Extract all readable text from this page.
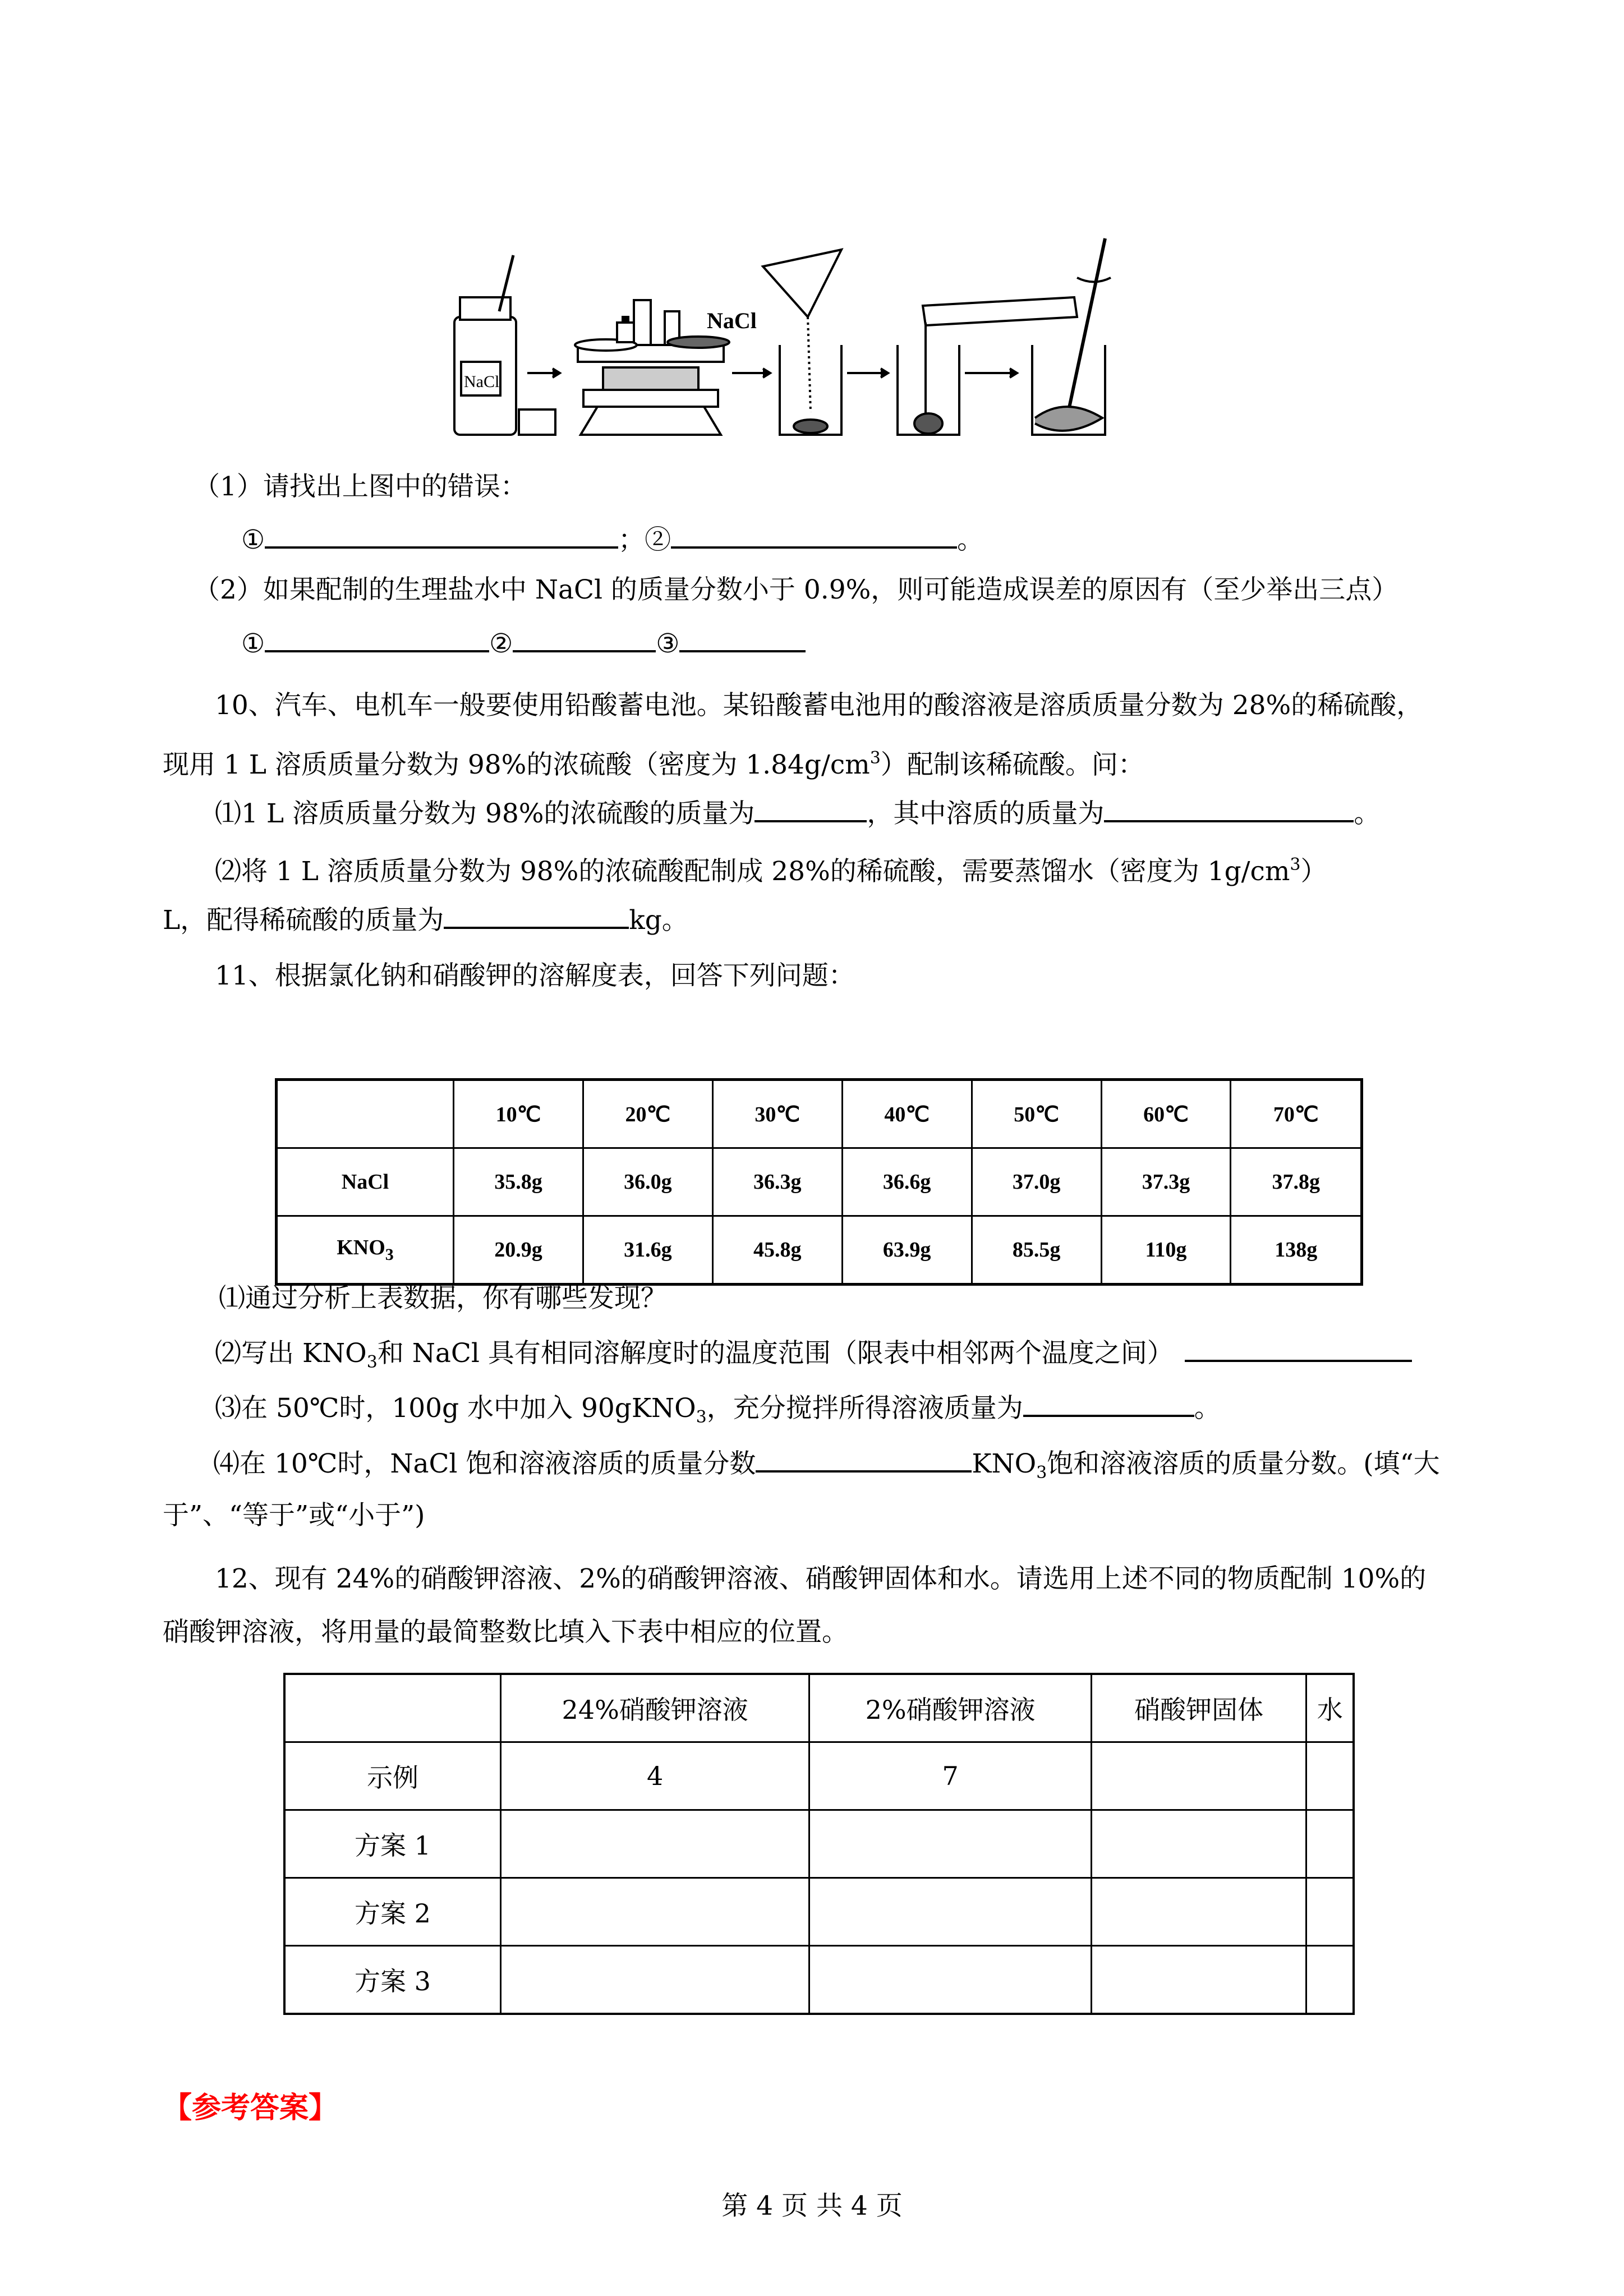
NaCl
NaCl
（1）请找出上图中的错误：
①	；②	。
（2）如果配制的生理盐水中 NaCl 的质量分数小于 0.9%，则可能造成误差的原因有（至少举出三点）
①	②	③
10、汽车、电机车一般要使用铅酸蓄电池。某铅酸蓄电池用的酸溶液是溶质质量分数为 28%的稀硫酸，
现用 1 L 溶质质量分数为 98%的浓硫酸（密度为 $1.84g/cm^3$）配制该稀硫酸。问：
⑴1 L 溶质质量分数为 98%的浓硫酸的质量为	，其中溶质的质量为	。
⑵将 1 L 溶质质量分数为 98%的浓硫酸配制成 28%的稀硫酸，需要蒸馏水（密度为 $1g/cm^3$）
L，配得稀硫酸的质量为	kg。
11、根据氯化钠和硝酸钾的溶解度表，回答下列问题：
	10℃	20℃	30℃	40℃	50℃	60℃	70℃
NaCl	35.8g	36.0g	36.3g	36.6g	37.0g	37.3g	37.8g
$KNO_3$	20.9g	31.6g	45.8g	63.9g	85.5g	110g	138g
⑴通过分析上表数据，你有哪些发现？
⑵写出 $KNO_3$和 NaCl 具有相同溶解度时的温度范围（限表中相邻两个温度之间）
⑶在 50℃时，100g 水中加入 90gKNO$_3$，充分搅拌所得溶液质量为	。
⑷在 10℃时，NaCl 饱和溶液溶质的质量分数	$KNO_3$饱和溶液溶质的质量分数。(填“大
于”、“等于”或“小于”)
12、现有 24%的硝酸钾溶液、2%的硝酸钾溶液、硝酸钾固体和水。请选用上述不同的物质配制 10%的
硝酸钾溶液，将用量的最简整数比填入下表中相应的位置。
	24%硝酸钾溶液	2%硝酸钾溶液	硝酸钾固体	水
示例	4	7		
方案 1				
方案 2				
方案 3				
【参考答案】
第 4 页 共 4 页
